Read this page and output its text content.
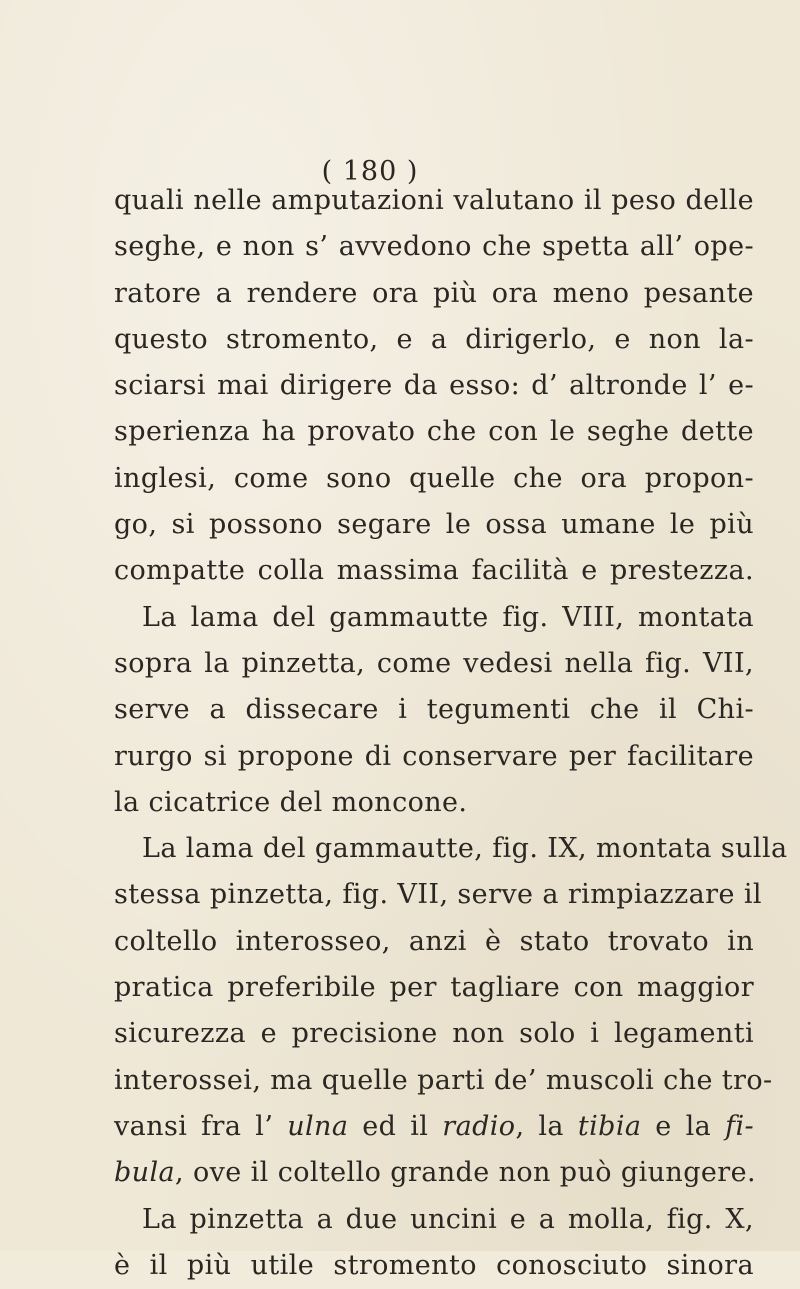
( 180 )
quali nelle amputazioni valutano il peso delle
seghe, e non s’ avvedono che spetta all’ ope-
ratore a rendere ora più ora meno pesante
questo stromento, e a dirigerlo, e non la-
sciarsi mai dirigere da esso: d’ altronde l’ e-
sperienza ha provato che con le seghe dette
inglesi, come sono quelle che ora propon-
go, si possono segare le ossa umane le più
compatte colla massima facilità e prestezza.
La lama del gammautte fig. VIII, montata
sopra la pinzetta, come vedesi nella fig. VII,
serve a dissecare i tegumenti che il Chi-
rurgo si propone di conservare per facilitare
la cicatrice del moncone.
La lama del gammautte, fig. IX, montata sulla
stessa pinzetta, fig. VII, serve a rimpiazzare il
coltello interosseo, anzi è stato trovato in
pratica preferibile per tagliare con maggior
sicurezza e precisione non solo i legamenti
interossei, ma quelle parti de’ muscoli che tro-
vansi fra l’ ulna ed il radio, la tibia e la fi-
bula, ove il coltello grande non può giungere.
La pinzetta a due uncini e a molla, fig. X,
è il più utile stromento conosciuto sinora
